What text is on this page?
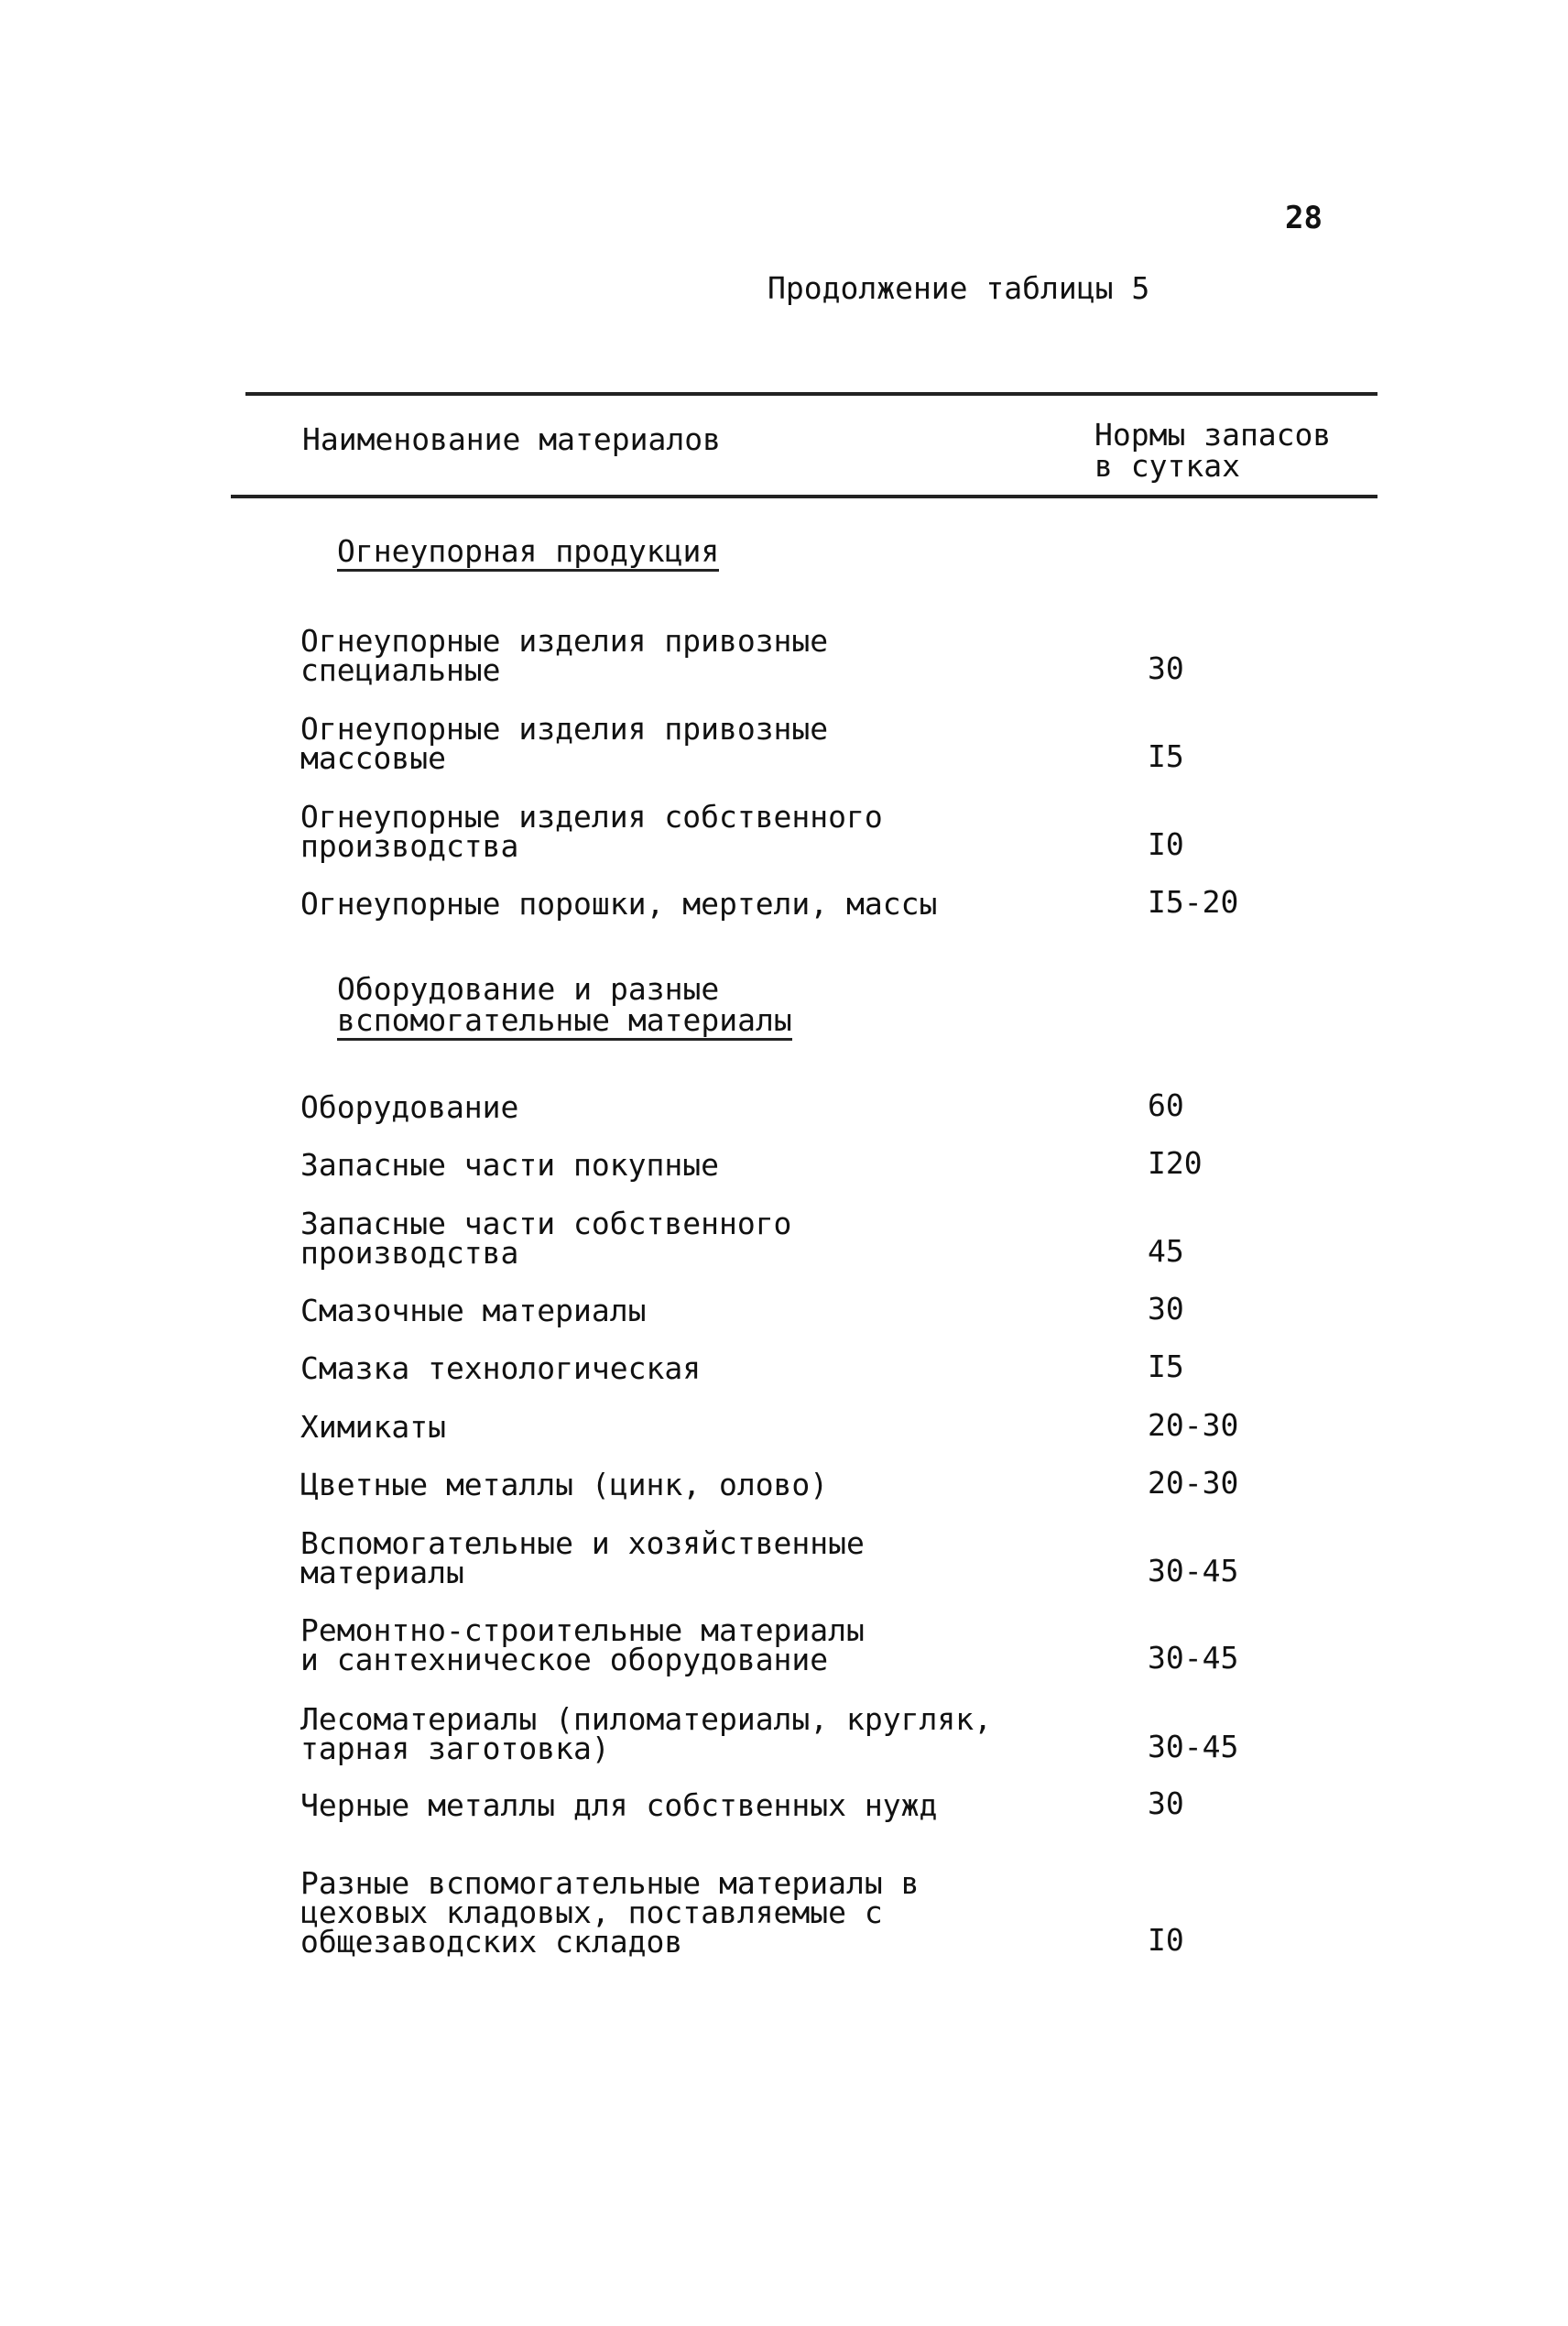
28
Продолжение таблицы 5
Наименование материалов	Нормы запасов
в сутках
Огнеупорная продукция
Огнеупорные изделия привозные
специальные	30
Огнеупорные изделия привозные
массовые	I5
Огнеупорные изделия собственного
производства	I0
Огнеупорные порошки, мертели, массы	I5-20
Оборудование и разные
вспомогательные материалы
Оборудование	60
Запасные части покупные	I20
Запасные части собственного
производства	45
Смазочные материалы	30
Смазка технологическая	I5
Химикаты	20-30
Цветные металлы (цинк, олово)	20-30
Вспомогательные и хозяйственные
материалы	30-45
Ремонтно-строительные материалы
и сантехническое оборудование	30-45
Лесоматериалы (пиломатериалы, кругляк,
тарная заготовка)	30-45
Черные металлы для собственных нужд	30
Разные вспомогательные материалы в
цеховых кладовых, поставляемые с
общезаводских складов	I0
